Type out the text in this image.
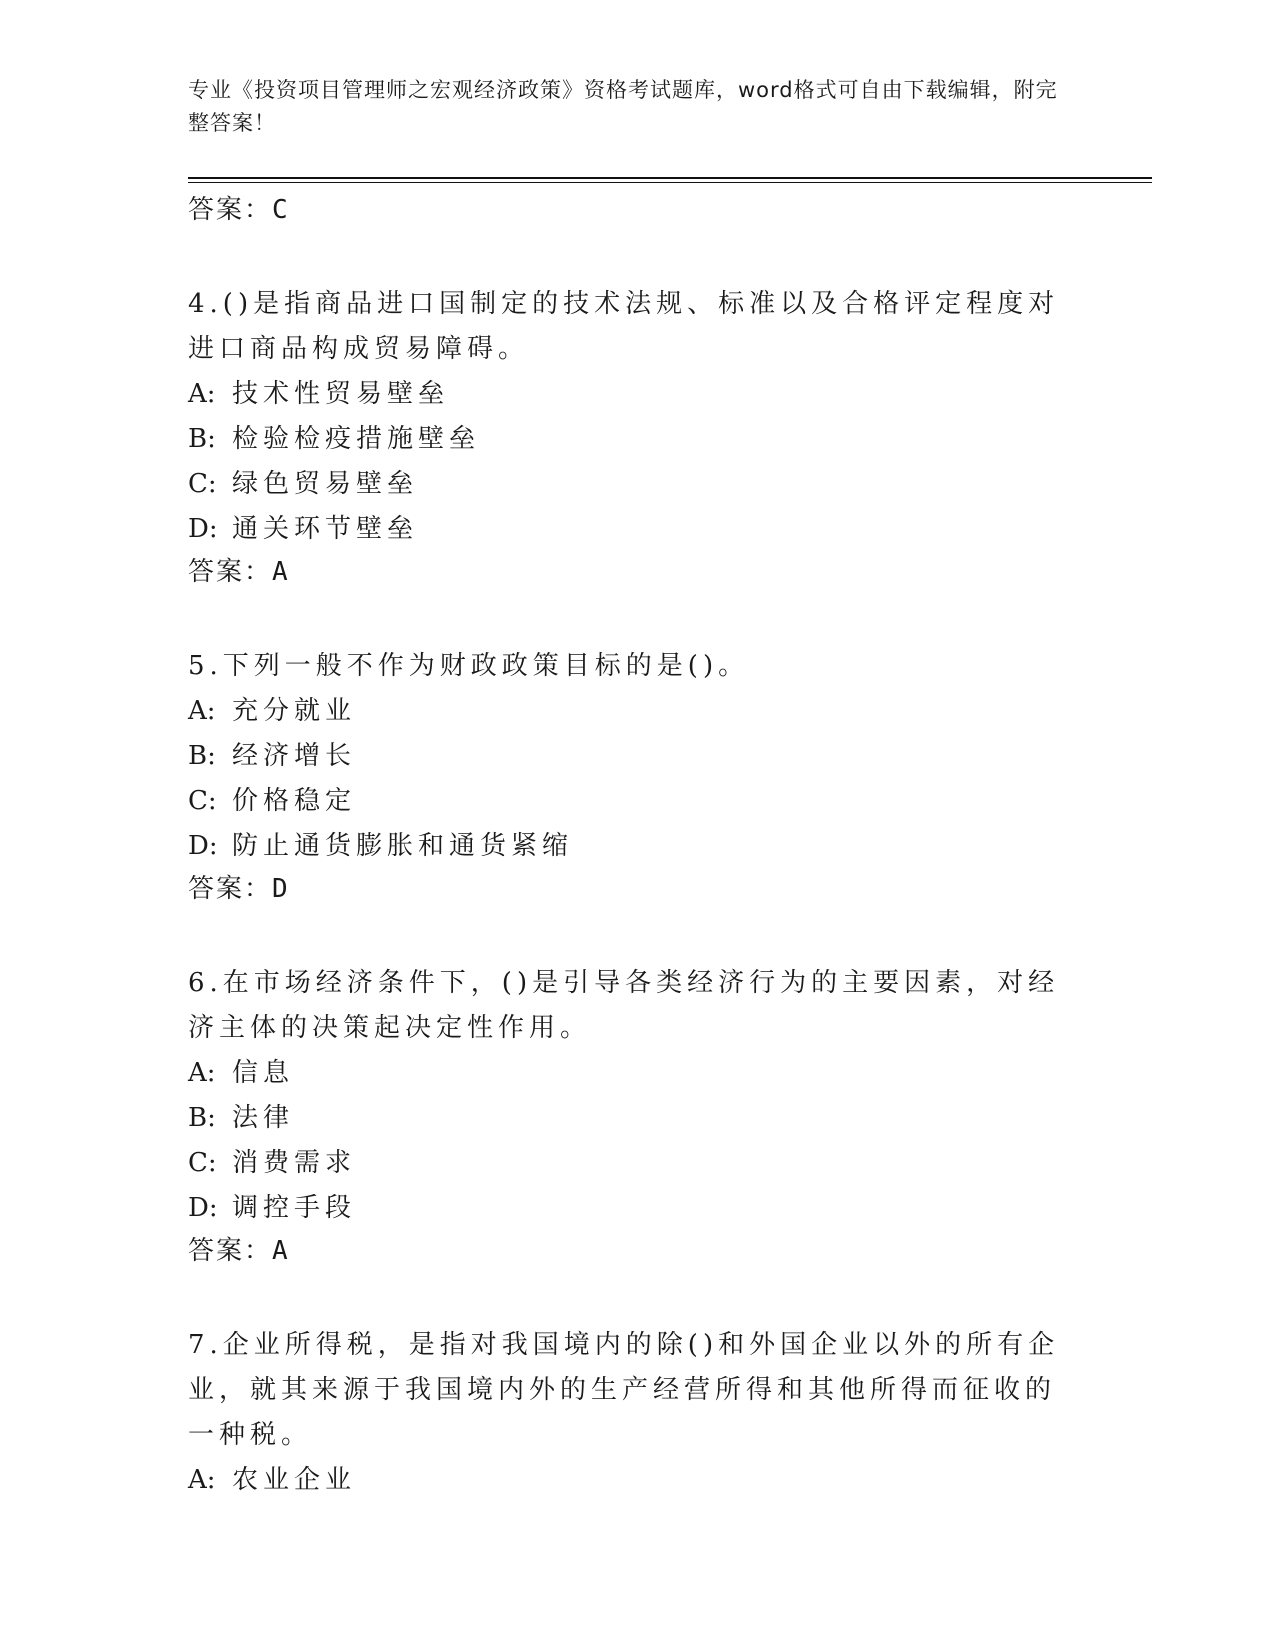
专业《投资项目管理师之宏观经济政策》资格考试题库，word格式可自由下载编辑，附完整答案！
答案：C
4.()是指商品进口国制定的技术法规、标准以及合格评定程度对进口商品构成贸易障碍。
A: 技术性贸易壁垒
B: 检验检疫措施壁垒
C: 绿色贸易壁垒
D: 通关环节壁垒
答案：A
5.下列一般不作为财政政策目标的是()。
A: 充分就业
B: 经济增长
C: 价格稳定
D: 防止通货膨胀和通货紧缩
答案：D
6.在市场经济条件下，()是引导各类经济行为的主要因素，对经济主体的决策起决定性作用。
A: 信息
B: 法律
C: 消费需求
D: 调控手段
答案：A
7.企业所得税，是指对我国境内的除()和外国企业以外的所有企业，就其来源于我国境内外的生产经营所得和其他所得而征收的一种税。
A: 农业企业
